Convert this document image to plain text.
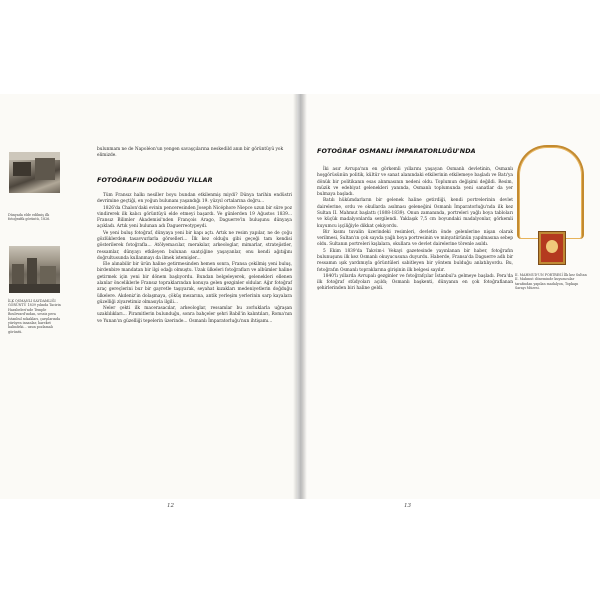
Dünyada elde edilmiş ilk fotoğrafik görüntü, 1826.
İLK OSMANLI SAYDAMLIĞI GÖRÜNTÜ 1839 yılında Tacirin Harabeleri'nde Temple Boulevard'ından, sessiz pera İstanbul sokakları, çarşılarında yürüyen insanlar, hareket halindeki... uzun pozlamalı görüntü.
bulunmam ne de Napoléon'un yengen savaşçılarına neskedild anın bir görüntüyü yok elimizde.
FOTOĞRAFIN DOĞDUĞU YILLAR

Tüm Fransız halkı nesiller boyu bundan etkilenmiş miydi? Dünya tarihin endüstri devrimine geçtiği, en yoğun bulunanı yaşandığı 19. yüzyıl ortalarına doğru...

1826'da Chalon'daki evinin penceresinden Joseph Nicéphore Niepce uzun bir süre poz vindirerek ilk kalıcı görüntüyü elde etmeyi başardı. Ve günlerden 19 Ağustos 1839... Fransız Bilimler Akademisi'nden François Arago, Daguerre'in buluşunu dünyaya açıkladı. Artık yeni bulunan adı Daguerreotypeydi.

Ve yeni buluş fotoğraf, dünyaya yeni bir kapı açtı. Artık ne resim yapılar, ne de çoğu gözlüklerden tasavvurlarla görselleri... İlk kez olduğu gibi geçeği tam kendisi gösterilerek fotoğrafla... Atölyemacılar, merakılar, arkeologlar, mimarlar, stratejistler, ressamlar, dünyayı etkileyen bulunan saatçiğine yaşayanlar, onu kendi ağıtığını doğrultusunda kullanmayı da ilmek istemişler...

Ele alınabilir bir ürün haline getirmesinden hemen sonra, Fransa çekilmiş yeni buluş, birdenbire mandatan bir ilgi odağı olmuştu. Uzak ülkeleri fotoğrafları ve albümler haline getirmek için yeni bir dönem başlıyordu. Bundan belgeleyerek, gelenekleri ellenen alanlar önceliklerle Fransız topraklarından konuya gelen gezginler oldular. Ağır fotoğraf araç gereçlerini bur bir gayretle taşıyarak, seyahat kızakları medeniyetlerin doğduğu ülkelere. Akdeniz'in dolaşmaya, çöküş mezarına, antik yerleşim yerlerinin sarp kayalara güzelliği ziyaretimiz olmasıyla ilgili...

Neler çekti ilk macerasacılar, arkeologlar, ressamlar bu zorluklarla uğraşan uzaklılıkları... Piramitlerin bulunduğu, sonra bahçeler şehri Babil'in kalıntıları, Roma'nın ve Yunan'ın güzelliği tepelerin üzerinde... Osmanlı İmparatorluğu'nun ihtişamı...

12
FOTOĞRAF OSMANLI İMPARATORLUĞU'NDA

İki asır Avrupa'nın en görkemli yıllarını yaşayan Osmanlı devletinin, Osmanlı hoşgörüsünün politik, kültür ve sanat alanındaki etkilerinin etkilemeye başladı ve Batı'ya dönük bir politikanın esas alınmasının nedeni oldu. Toplumun değişimi değildi. Resim, müzik ve edebiyat gelenekleri yanında, Osmanlı toplumunda yeni sanatlar da yer bulmaya başladı.

Batılı hükümdarların bir gelenek haline getirdiği, kendi portrelerinin devlet dairelerine, ordu ve okullarda asılması geleneğini Osmanlı İmparatorluğu'nda ilk kez Sultan II. Mahmut başlattı (1808-1839). Onun zamanında, portreleri yağlı boya tabloları ve küçük madalyonlarda sergilendi. Yaklaşık 7,5 cm boyundaki madalyonlar, görkemli kuyumcu işçiliğiyle dikkat çekiyordu.

Bir kısmı tuvalin üzerindeki resimleri, devletin önde gelenlerine nişan olarak verilmesi, Sultan'ın çok sayıda yağlı boya portresinin ve minyatürünün yapılmasına sebep oldu. Sultanın portreleri kışlalara, okullara ve devlet dairelerine törenle asıldı.

5 Ekim 1839'da Takvim-i Vekayi gazetesinde yayınlanan bir haber, fotoğrafın bulunuşunu ilk kez Osmanlı okuyucusuna duyurdu. Haberde, Fransa'da Daguerre adlı bir ressamın ışık yardımıyla görüntüleri sabitleyen bir yöntem bulduğu anlatılıyordu. Bu, fotoğrafın Osmanlı topraklarına girişinin ilk belgesi sayılır.

1840'lı yıllarda Avrupalı gezginler ve fotoğrafçılar İstanbul'a gelmeye başladı. Pera'da ilk fotoğraf stüdyoları açıldı; Osmanlı başkenti, dünyanın en çok fotoğraflanan şehirlerinden biri haline geldi.

13
II. MAHMUD'UN PORTRESİ İlk kez Sultan II. Mahmut döneminde kuyumcular tarafından yapılan madalyon, Topkapı Sarayı Müzesi.
